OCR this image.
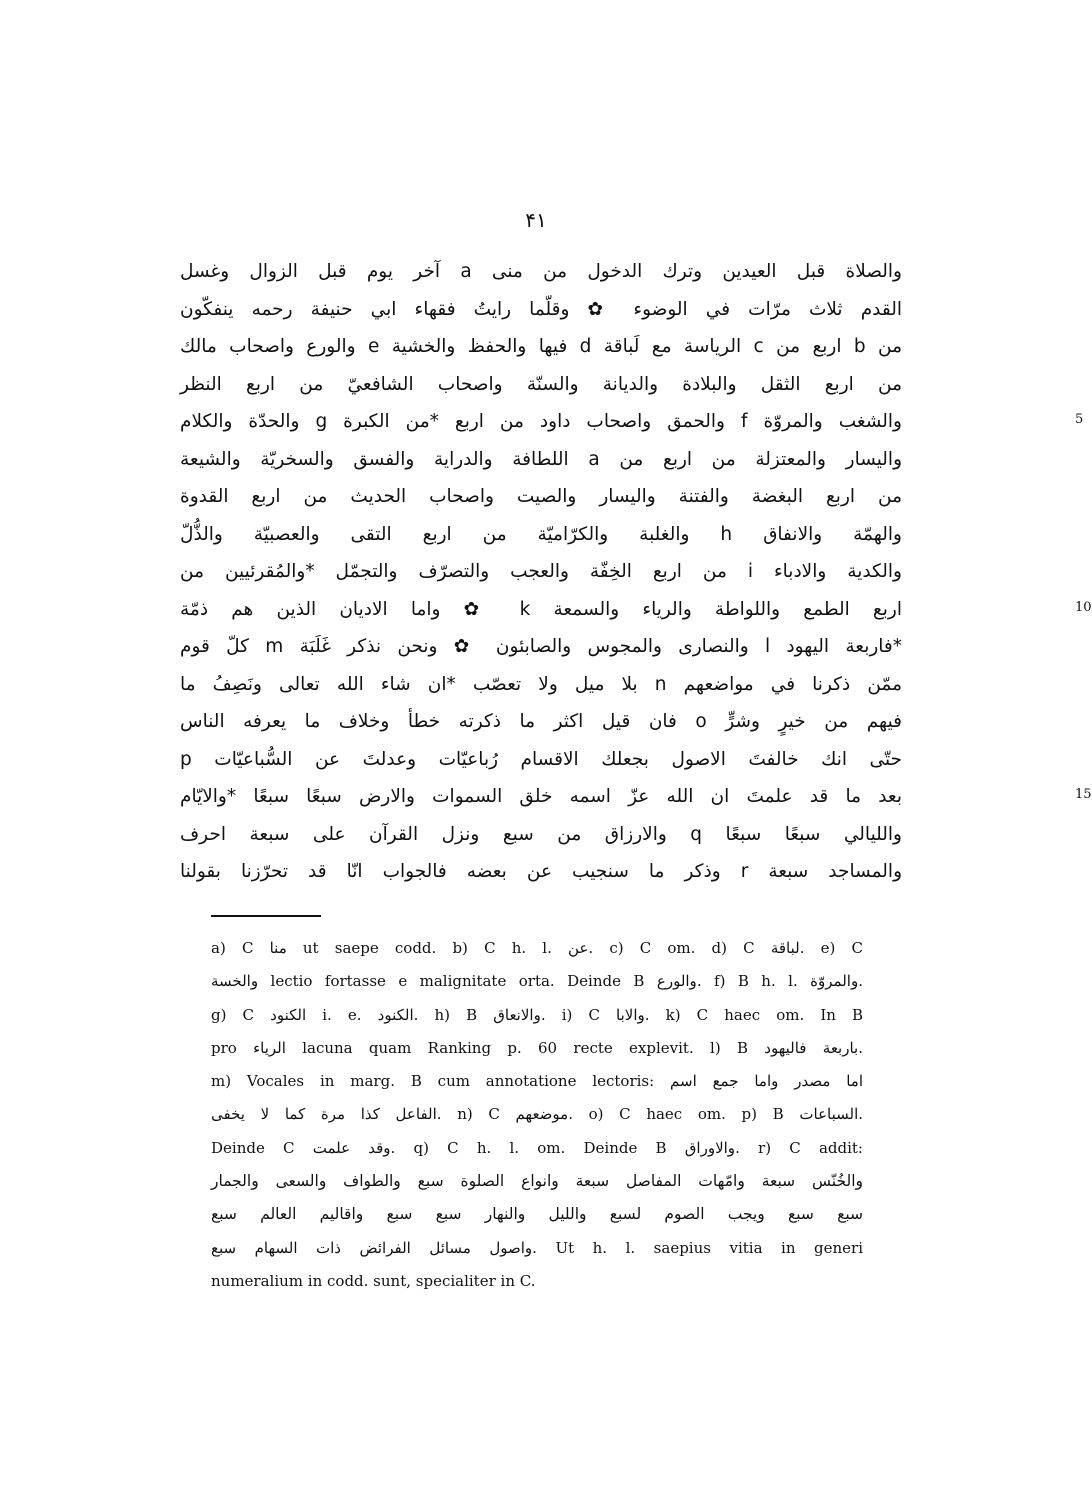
۴۱
والصلاة قبل العيدين وترك الدخول من منى a آخر يوم قبل الزوال وغسل
القدم ثلاث مرّات في الوضوء ✿ وقلّما رايتُ فقهاء ابي حنيفة رحمه ينفكّون
من b اربع من c الرياسة مع لَباقة d فيها والحفظ والخشية e والورع واصحاب مالك
من اربع الثقل والبلادة والديانة والسنّة واصحاب الشافعيّ من اربع النظر
والشغب والمروّة f والحمق واصحاب داود من اربع *من الكبرة g والحدّة والكلام	5
واليسار والمعتزلة من اربع من a اللطافة والدراية والفسق والسخريّة والشيعة
من اربع البغضة والفتنة واليسار والصيت واصحاب الحديث من اربع القدوة
والهمّة والانفاق h والغلبة والكرّاميّة من اربع التقى والعصبيّة والذُّلّ
والكدية والادباء i من اربع الخِفّة والعجب والتصرّف والتجمّل *والمُقرئيين من
اربع الطمع واللواطة والرياء والسمعة k ✿ واما الاديان الذين هم ذمّة	10
*فاربعة اليهود l والنصارى والمجوس والصابئون ✿ ونحن نذكر غَلَبَة m كلّ قوم
ممّن ذكرنا في مواضعهم n بلا ميل ولا تعصّب *ان شاء الله تعالى ونَصِفُ ما
فيهم من خيرٍ وشرٍّ o فان قيل اكثر ما ذكرته خطأ وخلاف ما يعرفه الناس
حتّى انك خالفتَ الاصول بجعلك الاقسام رُباعيّات وعدلتَ عن السُّباعيّات p
بعد ما قد علمتَ ان الله عزّ اسمه خلق السموات والارض سبعًا سبعًا *والايّام	15
والليالي سبعًا سبعًا q والارزاق من سبع ونزل القرآن على سبعة احرف
والمساجد سبعة r وذكر ما سنجيب عن بعضه فالجواب انّا قد تحرّزنا بقولنا
a) C منا ut saepe codd. b) C h. l. عن. c) C om. d) C لباقة. e) C
والخسة lectio fortasse e malignitate orta. Deinde B والورع. f) B h. l. والمروّة.
g) C الكنود i. e. الكنود. h) B والانعاق. i) C والابا. k) C haec om. In B
pro الرياء lacuna quam Ranking p. 60 recte explevit. l) B باربعة فاليهود.
m) Vocales in marg. B cum annotatione lectoris: اما مصدر واما جمع اسم
الفاعل كذا مرة كما لا يخفى. n) C موضعهم. o) C haec om. p) B السباعات.
Deinde C وقد علمت. q) C h. l. om. Deinde B والاوراق. r) C addit:
والخُنّس سبعة وامّهات المفاصل سبعة وانواع الصلوة سبع والطواف والسعى والجمار
سبع سبع ويجب الصوم لسبع والليل والنهار سبع سبع واقاليم العالم سبع
واصول مسائل الفرائض ذات السهام سبع. Ut h. l. saepius vitia in generi
numeralium in codd. sunt, specialiter in C.
